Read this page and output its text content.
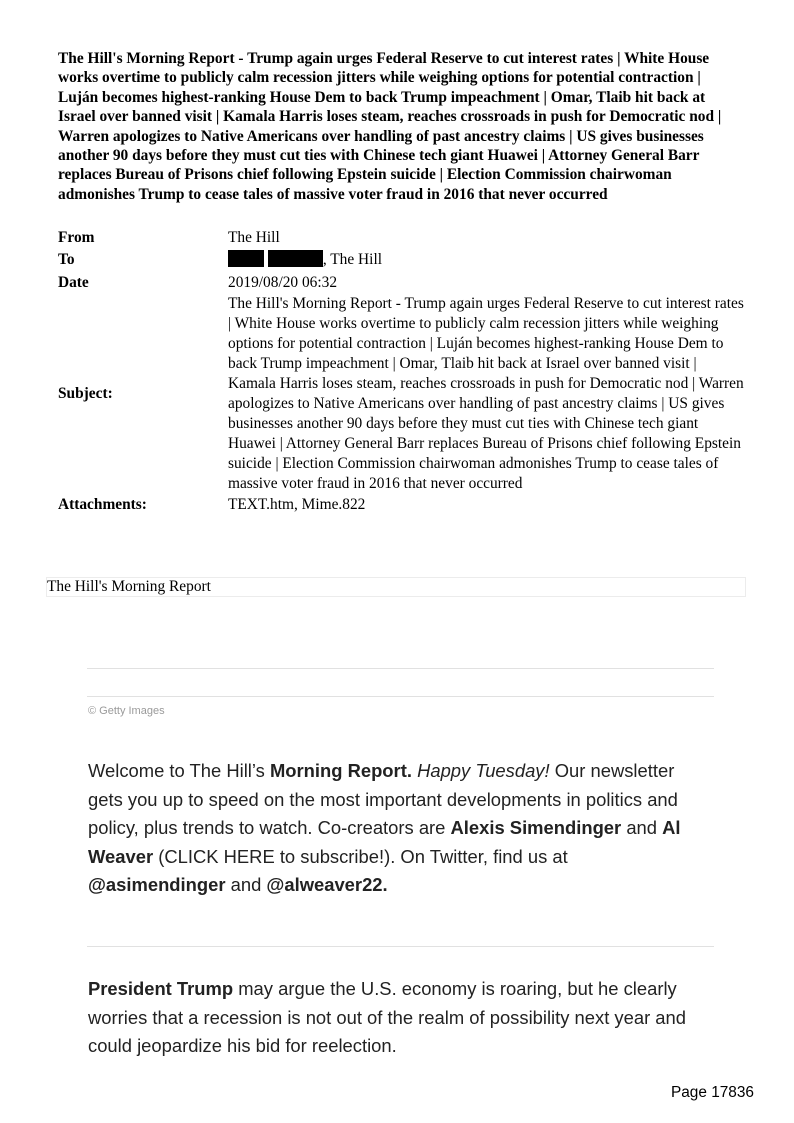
The Hill's Morning Report - Trump again urges Federal Reserve to cut interest rates | White House works overtime to publicly calm recession jitters while weighing options for potential contraction | Luján becomes highest-ranking House Dem to back Trump impeachment | Omar, Tlaib hit back at Israel over banned visit | Kamala Harris loses steam, reaches crossroads in push for Democratic nod | Warren apologizes to Native Americans over handling of past ancestry claims | US gives businesses another 90 days before they must cut ties with Chinese tech giant Huawei | Attorney General Barr replaces Bureau of Prisons chief following Epstein suicide | Election Commission chairwoman admonishes Trump to cease tales of massive voter fraud in 2016 that never occurred

From	The Hill
To	, The Hill
Date	2019/08/20 06:32
Subject:	The Hill's Morning Report - Trump again urges Federal Reserve to cut interest rates | White House works overtime to publicly calm recession jitters while weighing options for potential contraction | Luján becomes highest-ranking House Dem to back Trump impeachment | Omar, Tlaib hit back at Israel over banned visit | Kamala Harris loses steam, reaches crossroads in push for Democratic nod | Warren apologizes to Native Americans over handling of past ancestry claims | US gives businesses another 90 days before they must cut ties with Chinese tech giant Huawei | Attorney General Barr replaces Bureau of Prisons chief following Epstein suicide | Election Commission chairwoman admonishes Trump to cease tales of massive voter fraud in 2016 that never occurred
Attachments:	TEXT.htm, Mime.822
The Hill's Morning Report
© Getty Images

Welcome to The Hill’s Morning Report. Happy Tuesday! Our newsletter gets you up to speed on the most important developments in politics and policy, plus trends to watch. Co-creators are Alexis Simendinger and Al Weaver (CLICK HERE to subscribe!). On Twitter, find us at @asimendinger and @alweaver22.

President Trump may argue the U.S. economy is roaring, but he clearly worries that a recession is not out of the realm of possibility next year and could jeopardize his bid for reelection.

Page 17836
